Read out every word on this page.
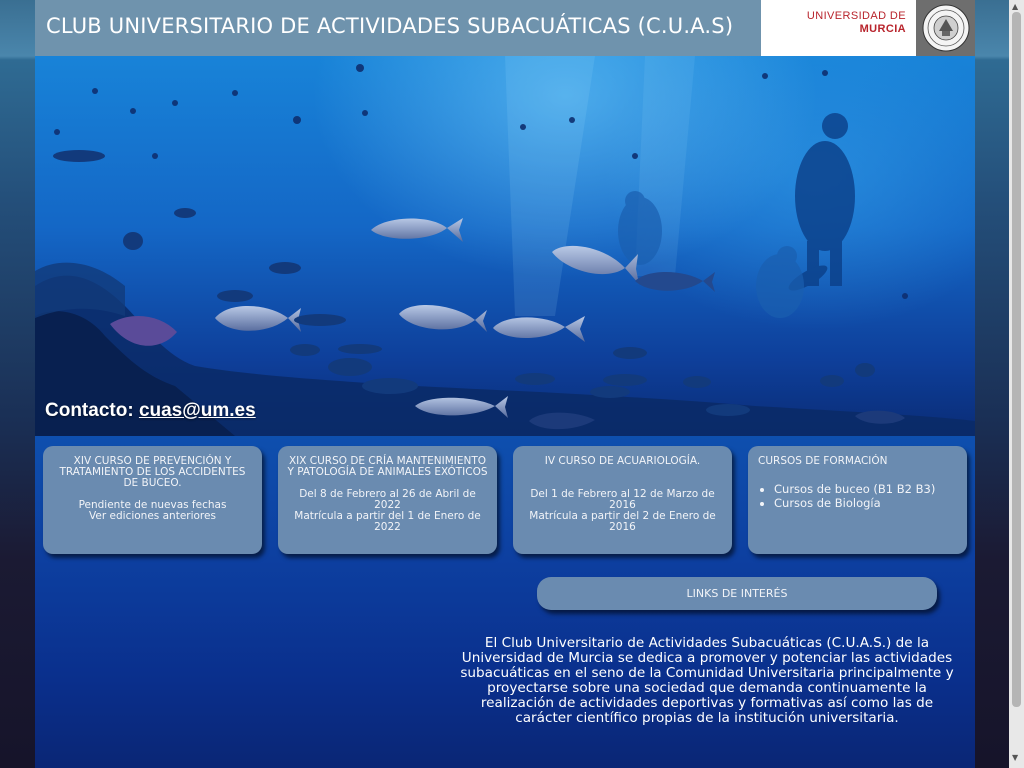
CLUB UNIVERSITARIO DE ACTIVIDADES SUBACUÁTICAS (C.U.A.S)	UNIVERSIDAD DE
MURCIA
Contacto: cuas@um.es
XIV CURSO DE PREVENCIÓN Y TRATAMIENTO DE LOS ACCIDENTES DE BUCEO.

Pendiente de nuevas fechas
Ver ediciones anteriores
XIX CURSO DE CRÍA MANTENIMIENTO Y PATOLOGÍA DE ANIMALES EXÓTICOS

Del 8 de Febrero al 26 de Abril de 2022
Matrícula a partir del 1 de Enero de 2022
IV CURSO DE ACUARIOLOGÍA.

Del 1 de Febrero al 12 de Marzo de 2016
Matrícula a partir del 2 de Enero de 2016
CURSOS DE FORMACIÓN
• Cursos de buceo (B1 B2 B3)
• Cursos de Biología
LINKS DE INTERÉS
El Club Universitario de Actividades Subacuáticas (C.U.A.S.) de la Universidad de Murcia se dedica a promover y potenciar las actividades subacuáticas en el seno de la Comunidad Universitaria principalmente y proyectarse sobre una sociedad que demanda continuamente la realización de actividades deportivas y formativas así como las de carácter científico propias de la institución universitaria.
▲
▼
